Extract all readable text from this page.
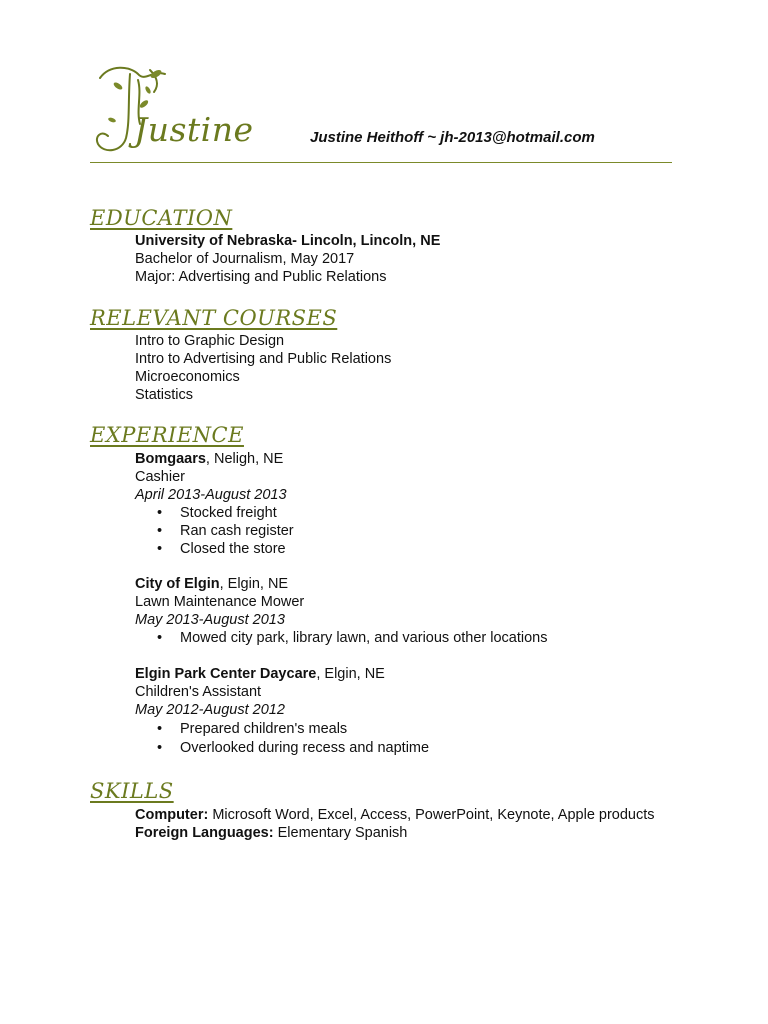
Justine	Justine Heithoff ~ jh-2013@hotmail.com
EDUCATION
University of Nebraska- Lincoln, Lincoln, NE
Bachelor of Journalism, May 2017
Major: Advertising and Public Relations
RELEVANT COURSES
Intro to Graphic Design
Intro to Advertising and Public Relations
Microeconomics
Statistics
EXPERIENCE
Bomgaars, Neligh, NE
Cashier
April 2013-August 2013
• Stocked freight
• Ran cash register
• Closed the store
City of Elgin, Elgin, NE
Lawn Maintenance Mower
May 2013-August 2013
• Mowed city park, library lawn, and various other locations
Elgin Park Center Daycare, Elgin, NE
Children's Assistant
May 2012-August 2012
• Prepared children's meals
• Overlooked during recess and naptime
SKILLS
Computer: Microsoft Word, Excel, Access, PowerPoint, Keynote, Apple products
Foreign Languages: Elementary Spanish
